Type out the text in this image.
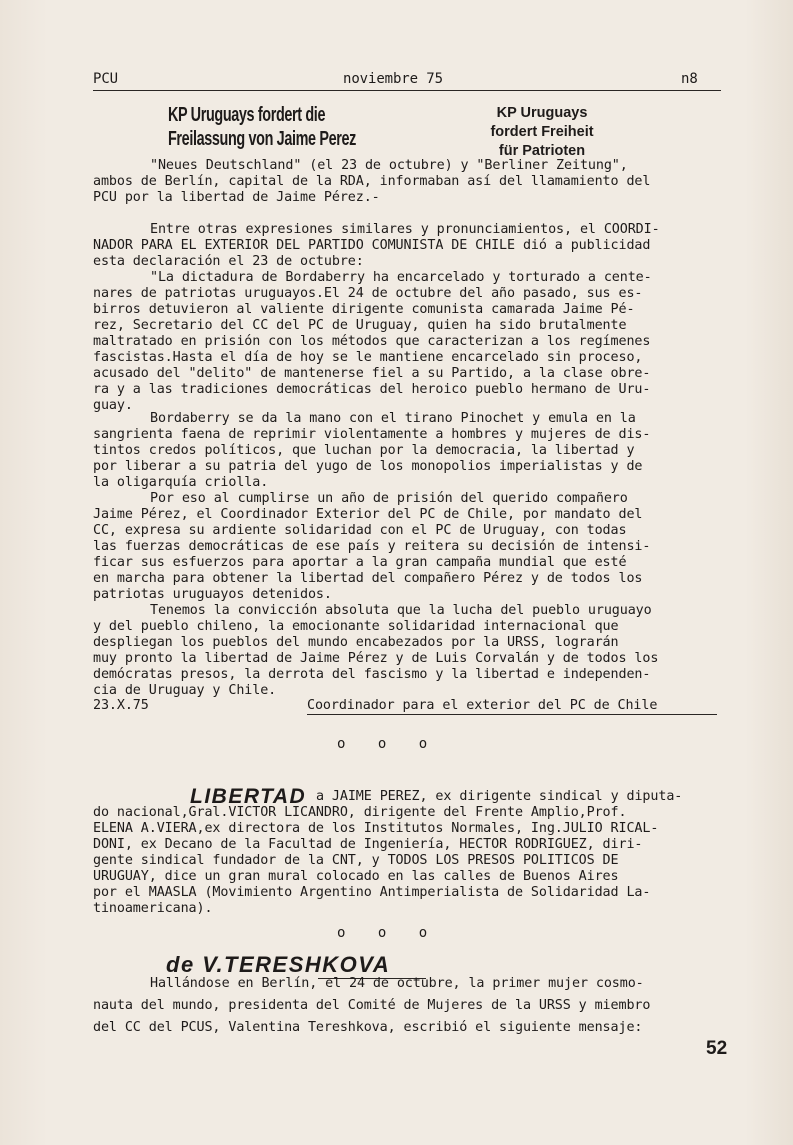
PCU	noviembre 75	n8
KP Uruguays fordert die
Freilassung von Jaime Perez
KP Uruguays
fordert Freiheit
für Patrioten
"Neues Deutschland" (el 23 de octubre) y "Berliner Zeitung",
ambos de Berlín, capital de la RDA, informaban así del llamamiento del
PCU por la libertad de Jaime Pérez.-
Entre otras expresiones similares y pronunciamientos, el COORDI-
NADOR PARA EL EXTERIOR DEL PARTIDO COMUNISTA DE CHILE dió a publicidad
esta declaración el 23 de octubre:
"La dictadura de Bordaberry ha encarcelado y torturado a cente-
nares de patriotas uruguayos.El 24 de octubre del año pasado, sus es-
birros detuvieron al valiente dirigente comunista camarada Jaime Pé-
rez, Secretario del CC del PC de Uruguay, quien ha sido brutalmente
maltratado en prisión con los métodos que caracterizan a los regímenes
fascistas.Hasta el día de hoy se le mantiene encarcelado sin proceso,
acusado del "delito" de mantenerse fiel a su Partido, a la clase obre-
ra y a las tradiciones democráticas del heroico pueblo hermano de Uru-
guay.
Bordaberry se da la mano con el tirano Pinochet y emula en la
sangrienta faena de reprimir violentamente a hombres y mujeres de dis-
tintos credos políticos, que luchan por la democracia, la libertad y
por liberar a su patria del yugo de los monopolios imperialistas y de
la oligarquía criolla.
Por eso al cumplirse un año de prisión del querido compañero
Jaime Pérez, el Coordinador Exterior del PC de Chile, por mandato del
CC, expresa su ardiente solidaridad con el PC de Uruguay, con todas
las fuerzas democráticas de ese país y reitera su decisión de intensi-
ficar sus esfuerzos para aportar a la gran campaña mundial que esté
en marcha para obtener la libertad del compañero Pérez y de todos los
patriotas uruguayos detenidos.
Tenemos la convicción absoluta que la lucha del pueblo uruguayo
y del pueblo chileno, la emocionante solidaridad internacional que
despliegan los pueblos del mundo encabezados por la URSS, lograrán
muy pronto la libertad de Jaime Pérez y de Luis Corvalán y de todos los
demócratas presos, la derrota del fascismo y la libertad e independen-
cia de Uruguay y Chile.
23.X.75	Coordinador para el exterior del PC de Chile
o o o
LIBERTAD a JAIME PEREZ, ex dirigente sindical y diputa-
do nacional,Gral.VICTOR LICANDRO, dirigente del Frente Amplio,Prof.
ELENA A.VIERA,ex directora de los Institutos Normales, Ing.JULIO RICAL-
DONI, ex Decano de la Facultad de Ingeniería, HECTOR RODRIGUEZ, diri-
gente sindical fundador de la CNT, y TODOS LOS PRESOS POLITICOS DE
URUGUAY, dice un gran mural colocado en las calles de Buenos Aires
por el MAASLA (Movimiento Argentino Antimperialista de Solidaridad La-
tinoamericana).
o o o
de V.TERESHKOVA
Hallándose en Berlín, el 24 de octubre, la primer mujer cosmo-
nauta del mundo, presidenta del Comité de Mujeres de la URSS y miembro
del CC del PCUS, Valentina Tereshkova, escribió el siguiente mensaje:
52
